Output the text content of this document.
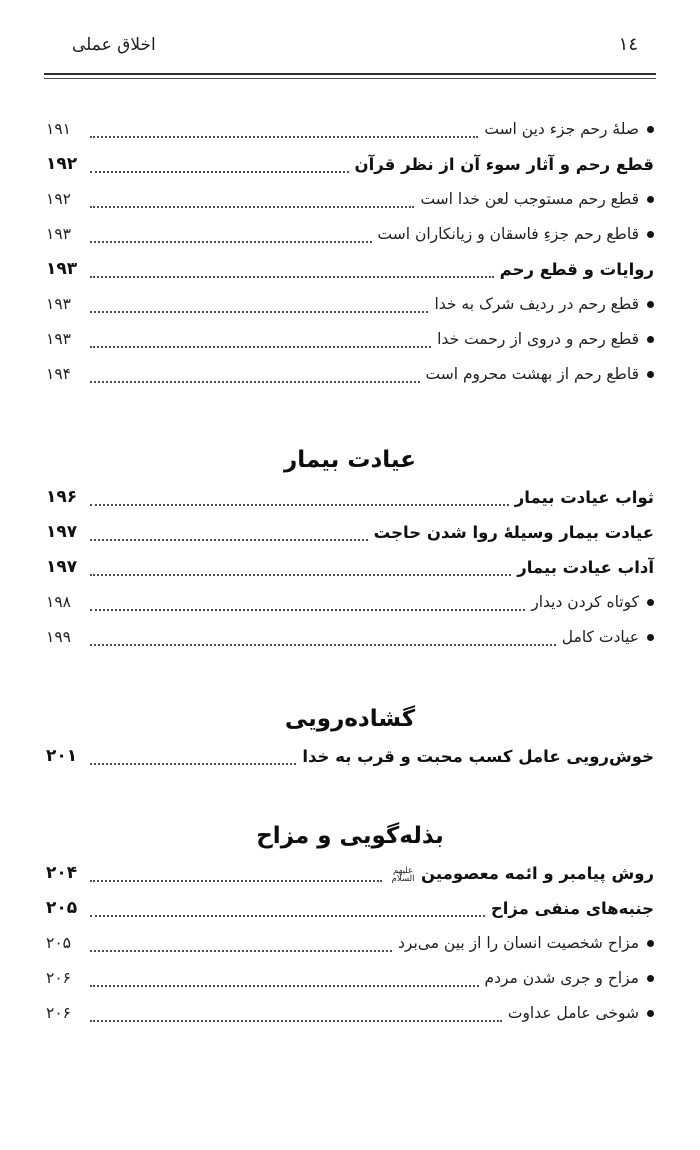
١٤
اخلاق عملی
صلهٔ رحم جزء دین است
۱۹۱
قطع رحم و آثار سوء آن از نظر قرآن
۱۹۲
قطع رحم مستوجب لعن خدا است
۱۹۲
قاطع رحم جزءِ فاسقان و زیانکاران است
۱۹۳
روایات و قطع رحم
۱۹۳
قطع رحم در ردیف شرک به خدا
۱۹۳
قطع رحم و دروی از رحمت خدا
۱۹۳
قاطع رحم از بهشت محروم است
۱۹۴
عیادت بیمار
ثواب عیادت بیمار
۱۹۶
عیادت بیمار وسیلهٔ روا شدن حاجت
۱۹۷
آداب عیادت بیمار
۱۹۷
کوتاه کردن دیدار
۱۹۸
عیادت کامل
۱۹۹
گشاده‌رویی
خوش‌رویی عامل کسب محبت و قرب به خدا
۲۰۱
بذله‌گویی و مزاح
روش پیامبر و ائمه معصومینعلیهم السلام
۲۰۴
جنبه‌های منفی مزاح
۲۰۵
مزاح شخصیت انسان را از بین می‌برد
۲۰۵
مزاح و جری شدن مردم
۲۰۶
شوخی عامل عداوت
۲۰۶
